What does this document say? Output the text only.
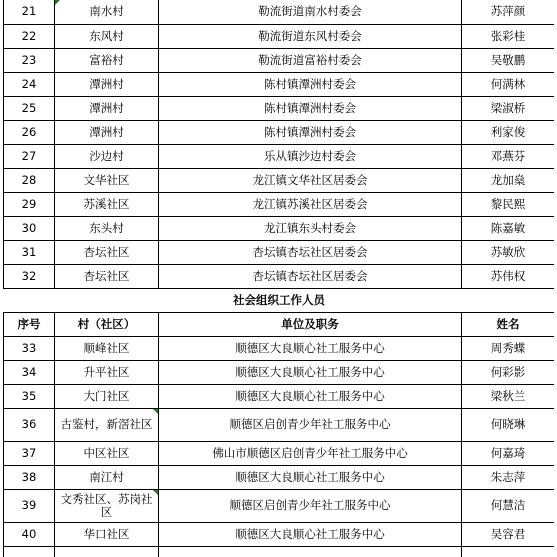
21	南水村	勒流街道南水村委会	苏萍颜
22	东风村	勒流街道东风村委会	张彩桂
23	富裕村	勒流街道富裕村委会	吴敬鹏
24	潭洲村	陈村镇潭洲村委会	何满林
25	潭洲村	陈村镇潭洲村委会	梁淑桥
26	潭洲村	陈村镇潭洲村委会	利家俊
27	沙边村	乐从镇沙边村委会	邓燕芬
28	文华社区	龙江镇文华社区居委会	龙加燊
29	苏溪社区	龙江镇苏溪社区居委会	黎民熙
30	东头村	龙江镇东头村委会	陈嘉敏
31	杏坛社区	杏坛镇杏坛社区居委会	苏敏欣
32	杏坛社区	杏坛镇杏坛社区居委会	苏伟权
社会组织工作人员			
序号	村（社区）	单位及职务	姓名
33	顺峰社区	顺德区大良顺心社工服务中心	周秀蝶
34	升平社区	顺德区大良顺心社工服务中心	何彩影
35	大门社区	顺德区大良顺心社工服务中心	梁秋兰
36	古鉴村，新滘社区	顺德区启创青少年社工服务中心	何晓琳
37	中区社区	佛山市顺德区启创青少年社工服务中心	何嘉琦
38	南江村	顺德区大良顺心社工服务中心	朱志萍
39	文秀社区、苏岗社区	顺德区启创青少年社工服务中心	何慧洁
40	华口社区	顺德区大良顺心社工服务中心	吴容君
